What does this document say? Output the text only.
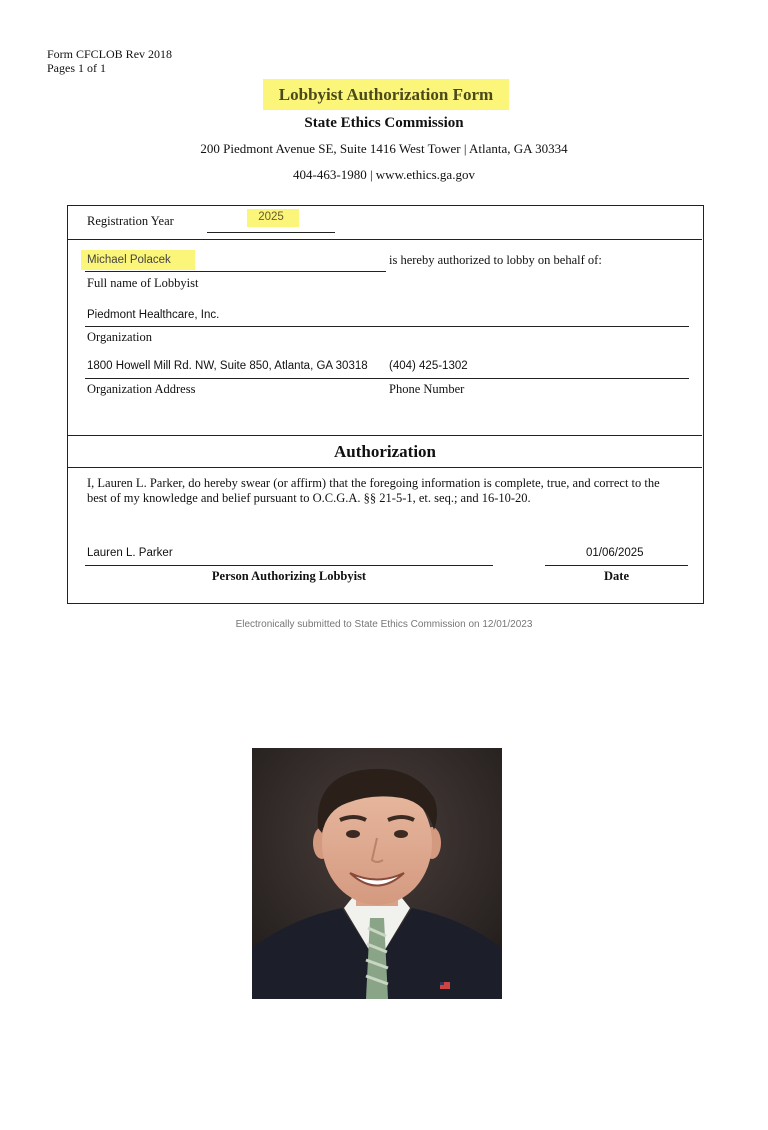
Form CFCLOB Rev 2018
Pages 1 of 1
Lobbyist Authorization Form
State Ethics Commission
200 Piedmont Avenue SE, Suite 1416 West Tower | Atlanta, GA 30334
404-463-1980 | www.ethics.ga.gov
Registration Year	2025
Michael Polacek	is hereby authorized to lobby on behalf of:
Full name of Lobbyist
Piedmont Healthcare, Inc.
Organization
1800 Howell Mill Rd. NW, Suite 850, Atlanta, GA 30318 (404) 425-1302
Organization Address	Phone Number
Authorization
I, Lauren L. Parker, do hereby swear (or affirm) that the foregoing information is complete, true, and correct to the best of my knowledge and belief pursuant to O.C.G.A. §§ 21-5-1, et. seq.; and 16-10-20.
Lauren L. Parker	01/06/2025
Person Authorizing Lobbyist	Date
Electronically submitted to State Ethics Commission on 12/01/2023
